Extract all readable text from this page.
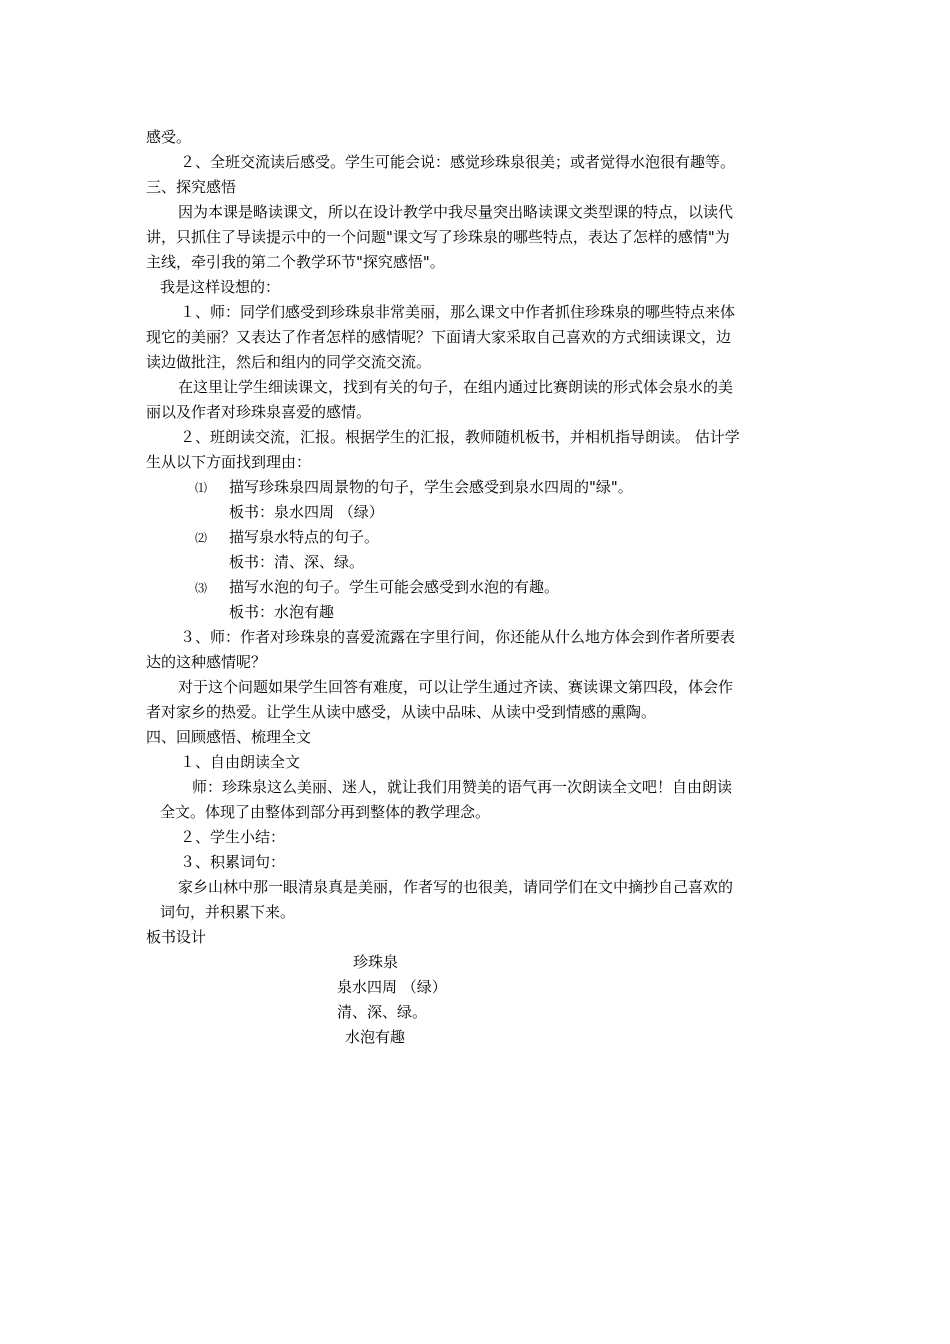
感受。
２、全班交流读后感受。学生可能会说：感觉珍珠泉很美；或者觉得水泡很有趣等。
三、探究感悟
因为本课是略读课文，所以在设计教学中我尽量突出略读课文类型课的特点，以读代
讲，只抓住了导读提示中的一个问题"课文写了珍珠泉的哪些特点，表达了怎样的感情"为
主线，牵引我的第二个教学环节"探究感悟"。
我是这样设想的：
１、师：同学们感受到珍珠泉非常美丽，那么课文中作者抓住珍珠泉的哪些特点来体
现它的美丽？又表达了作者怎样的感情呢？下面请大家采取自己喜欢的方式细读课文，边
读边做批注，然后和组内的同学交流交流。
在这里让学生细读课文，找到有关的句子，在组内通过比赛朗读的形式体会泉水的美
丽以及作者对珍珠泉喜爱的感情。
２、班朗读交流，汇报。根据学生的汇报，教师随机板书，并相机指导朗读。 估计学
生从以下方面找到理由：
⑴ 描写珍珠泉四周景物的句子，学生会感受到泉水四周的"绿"。
板书：泉水四周 （绿）
⑵ 描写泉水特点的句子。
板书：清、深、绿。
⑶ 描写水泡的句子。学生可能会感受到水泡的有趣。
板书：水泡有趣
３、师：作者对珍珠泉的喜爱流露在字里行间，你还能从什么地方体会到作者所要表
达的这种感情呢？
对于这个问题如果学生回答有难度，可以让学生通过齐读、赛读课文第四段，体会作
者对家乡的热爱。让学生从读中感受，从读中品味、从读中受到情感的熏陶。
四、回顾感悟、梳理全文
１、自由朗读全文
师：珍珠泉这么美丽、迷人，就让我们用赞美的语气再一次朗读全文吧！自由朗读
全文。体现了由整体到部分再到整体的教学理念。
２、学生小结：
３、积累词句：
家乡山林中那一眼清泉真是美丽，作者写的也很美，请同学们在文中摘抄自己喜欢的
词句，并积累下来。
板书设计
珍珠泉
泉水四周 （绿）
清、深、绿。
水泡有趣
